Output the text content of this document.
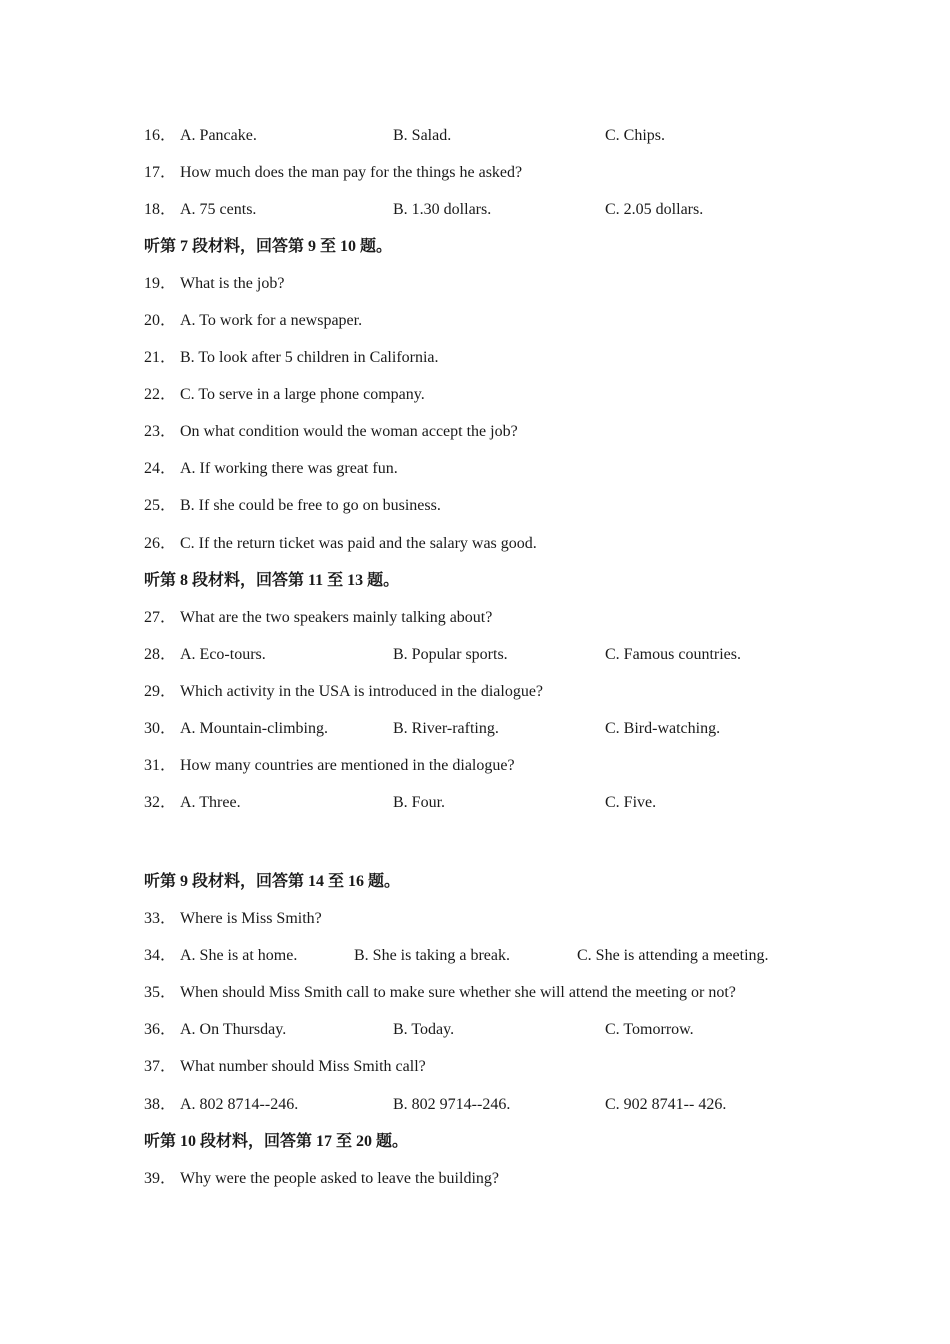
16． A. Pancake.	B. Salad.	C. Chips.
17． How much does the man pay for the things he asked?
18． A. 75 cents.	B. 1.30 dollars.	C. 2.05 dollars.
听第 7 段材料，回答第 9 至 10 题。
19． What is the job?
20． A. To work for a newspaper.
21． B. To look after 5 children in California.
22． C. To serve in a large phone company.
23． On what condition would the woman accept the job?
24． A. If working there was great fun.
25． B. If she could be free to go on business.
26． C. If the return ticket was paid and the salary was good.
听第 8 段材料，回答第 11 至 13 题。
27． What are the two speakers mainly talking about?
28． A. Eco-tours.	B. Popular sports.	C. Famous countries.
29． Which activity in the USA is introduced in the dialogue?
30． A. Mountain-climbing.	B. River-rafting.	C. Bird-watching.
31． How many countries are mentioned in the dialogue?
32． A. Three.	B. Four.	C. Five.
听第 9 段材料，回答第 14 至 16 题。
33． Where is Miss Smith?
34． A. She is at home.	B. She is taking a break.	C. She is attending a meeting.
35． When should Miss Smith call to make sure whether she will attend the meeting or not?
36． A. On Thursday.	B. Today.	C. Tomorrow.
37． What number should Miss Smith call?
38． A. 802 8714--246.	B. 802 9714--246.	C. 902 8741-- 426.
听第 10 段材料，回答第 17 至 20 题。
39． Why were the people asked to leave the building?
